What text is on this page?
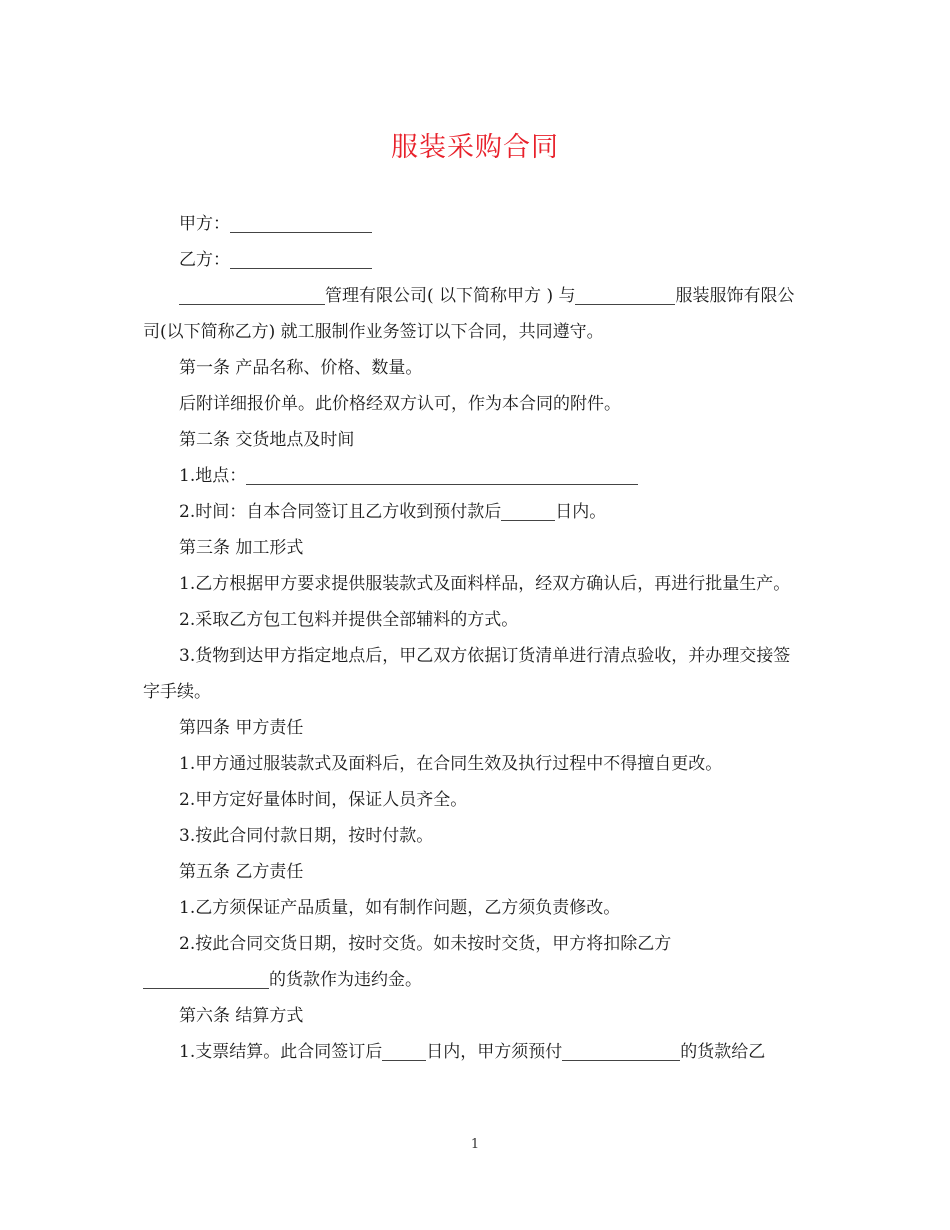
服装采购合同

甲方：

乙方：

管理有限公司( 以下简称甲方 ) 与	服装服饰有限公司(以下简称乙方) 就工服制作业务签订以下合同，共同遵守。

第一条 产品名称、价格、数量。

后附详细报价单。此价格经双方认可，作为本合同的附件。

第二条 交货地点及时间

1.地点：

2.时间：自本合同签订且乙方收到预付款后	日内。

第三条 加工形式

1.乙方根据甲方要求提供服装款式及面料样品，经双方确认后，再进行批量生产。

2.采取乙方包工包料并提供全部辅料的方式。

3.货物到达甲方指定地点后，甲乙双方依据订货清单进行清点验收，并办理交接签字手续。

第四条 甲方责任

1.甲方通过服装款式及面料后，在合同生效及执行过程中不得擅自更改。

2.甲方定好量体时间，保证人员齐全。

3.按此合同付款日期，按时付款。

第五条 乙方责任

1.乙方须保证产品质量，如有制作问题，乙方须负责修改。

2.按此合同交货日期，按时交货。如未按时交货，甲方将扣除乙方

的货款作为违约金。

第六条 结算方式

1.支票结算。此合同签订后	日内，甲方须预付	的货款给乙

1
